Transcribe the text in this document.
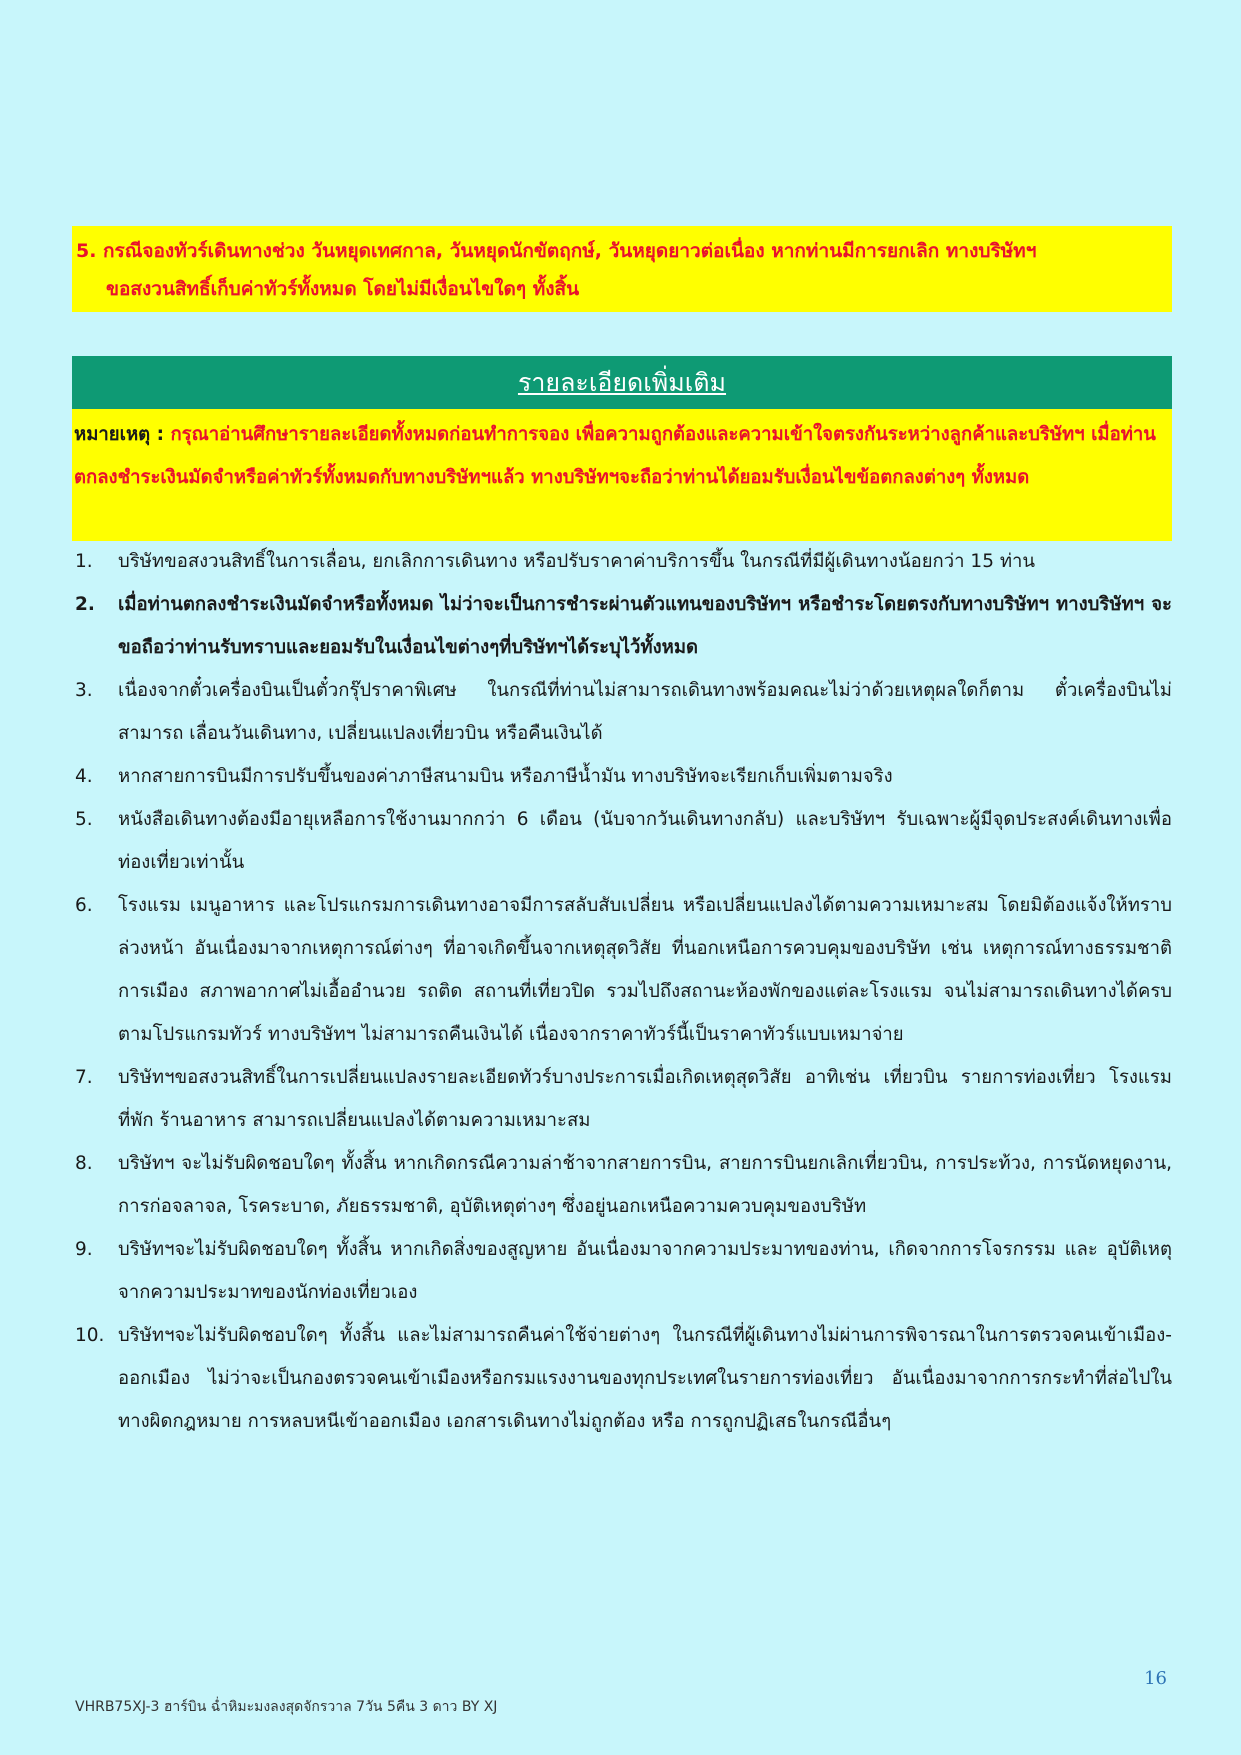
5. กรณีจองทัวร์เดินทางช่วง วันหยุดเทศกาล, วันหยุดนักขัตฤกษ์, วันหยุดยาวต่อเนื่อง หากท่านมีการยกเลิก ทางบริษัทฯ
ขอสงวนสิทธิ์เก็บค่าทัวร์ทั้งหมด โดยไม่มีเงื่อนไขใดๆ ทั้งสิ้น
รายละเอียดเพิ่มเติม
หมายเหตุ : กรุณาอ่านศึกษารายละเอียดทั้งหมดก่อนทำการจอง เพื่อความถูกต้องและความเข้าใจตรงกันระหว่างลูกค้าและบริษัทฯ เมื่อท่านตกลงชำระเงินมัดจำหรือค่าทัวร์ทั้งหมดกับทางบริษัทฯแล้ว ทางบริษัทฯจะถือว่าท่านได้ยอมรับเงื่อนไขข้อตกลงต่างๆ ทั้งหมด
1. บริษัทขอสงวนสิทธิ์ในการเลื่อน, ยกเลิกการเดินทาง หรือปรับราคาค่าบริการขึ้น ในกรณีที่มีผู้เดินทางน้อยกว่า 15 ท่าน
2. เมื่อท่านตกลงชำระเงินมัดจำหรือทั้งหมด ไม่ว่าจะเป็นการชำระผ่านตัวแทนของบริษัทฯ หรือชำระโดยตรงกับทางบริษัทฯ ทางบริษัทฯ จะขอถือว่าท่านรับทราบและยอมรับในเงื่อนไขต่างๆที่บริษัทฯได้ระบุไว้ทั้งหมด
3. เนื่องจากตั๋วเครื่องบินเป็นตั๋วกรุ๊ปราคาพิเศษ ในกรณีที่ท่านไม่สามารถเดินทางพร้อมคณะไม่ว่าด้วยเหตุผลใดก็ตาม ตั๋วเครื่องบินไม่สามารถ เลื่อนวันเดินทาง, เปลี่ยนแปลงเที่ยวบิน หรือคืนเงินได้
4. หากสายการบินมีการปรับขึ้นของค่าภาษีสนามบิน หรือภาษีน้ำมัน ทางบริษัทจะเรียกเก็บเพิ่มตามจริง
5. หนังสือเดินทางต้องมีอายุเหลือการใช้งานมากกว่า 6 เดือน (นับจากวันเดินทางกลับ) และบริษัทฯ รับเฉพาะผู้มีจุดประสงค์เดินทางเพื่อท่องเที่ยวเท่านั้น
6. โรงแรม เมนูอาหาร และโปรแกรมการเดินทางอาจมีการสลับสับเปลี่ยน หรือเปลี่ยนแปลงได้ตามความเหมาะสม โดยมิต้องแจ้งให้ทราบล่วงหน้า อันเนื่องมาจากเหตุการณ์ต่างๆ ที่อาจเกิดขึ้นจากเหตุสุดวิสัย ที่นอกเหนือการควบคุมของบริษัท เช่น เหตุการณ์ทางธรรมชาติ การเมือง สภาพอากาศไม่เอื้ออำนวย รถติด สถานที่เที่ยวปิด รวมไปถึงสถานะห้องพักของแต่ละโรงแรม จนไม่สามารถเดินทางได้ครบตามโปรแกรมทัวร์ ทางบริษัทฯ ไม่สามารถคืนเงินได้ เนื่องจากราคาทัวร์นี้เป็นราคาทัวร์แบบเหมาจ่าย
7. บริษัทฯขอสงวนสิทธิ์ในการเปลี่ยนแปลงรายละเอียดทัวร์บางประการเมื่อเกิดเหตุสุดวิสัย อาทิเช่น เที่ยวบิน รายการท่องเที่ยว โรงแรมที่พัก ร้านอาหาร สามารถเปลี่ยนแปลงได้ตามความเหมาะสม
8. บริษัทฯ จะไม่รับผิดชอบใดๆ ทั้งสิ้น หากเกิดกรณีความล่าช้าจากสายการบิน, สายการบินยกเลิกเที่ยวบิน, การประท้วง, การนัดหยุดงาน, การก่อจลาจล, โรคระบาด, ภัยธรรมชาติ, อุบัติเหตุต่างๆ ซึ่งอยู่นอกเหนือความควบคุมของบริษัท
9. บริษัทฯจะไม่รับผิดชอบใดๆ ทั้งสิ้น หากเกิดสิ่งของสูญหาย อันเนื่องมาจากความประมาทของท่าน, เกิดจากการโจรกรรม และ อุบัติเหตุจากความประมาทของนักท่องเที่ยวเอง
10. บริษัทฯจะไม่รับผิดชอบใดๆ ทั้งสิ้น และไม่สามารถคืนค่าใช้จ่ายต่างๆ ในกรณีที่ผู้เดินทางไม่ผ่านการพิจารณาในการตรวจคนเข้าเมือง-ออกเมือง ไม่ว่าจะเป็นกองตรวจคนเข้าเมืองหรือกรมแรงงานของทุกประเทศในรายการท่องเที่ยว อันเนื่องมาจากการกระทำที่ส่อไปในทางผิดกฎหมาย การหลบหนีเข้าออกเมือง เอกสารเดินทางไม่ถูกต้อง หรือ การถูกปฏิเสธในกรณีอื่นๆ
16
VHRB75XJ-3 ฮาร์บิน ฉ่ำหิมะมงลงสุดจักรวาล 7วัน 5คืน 3 ดาว BY XJ
